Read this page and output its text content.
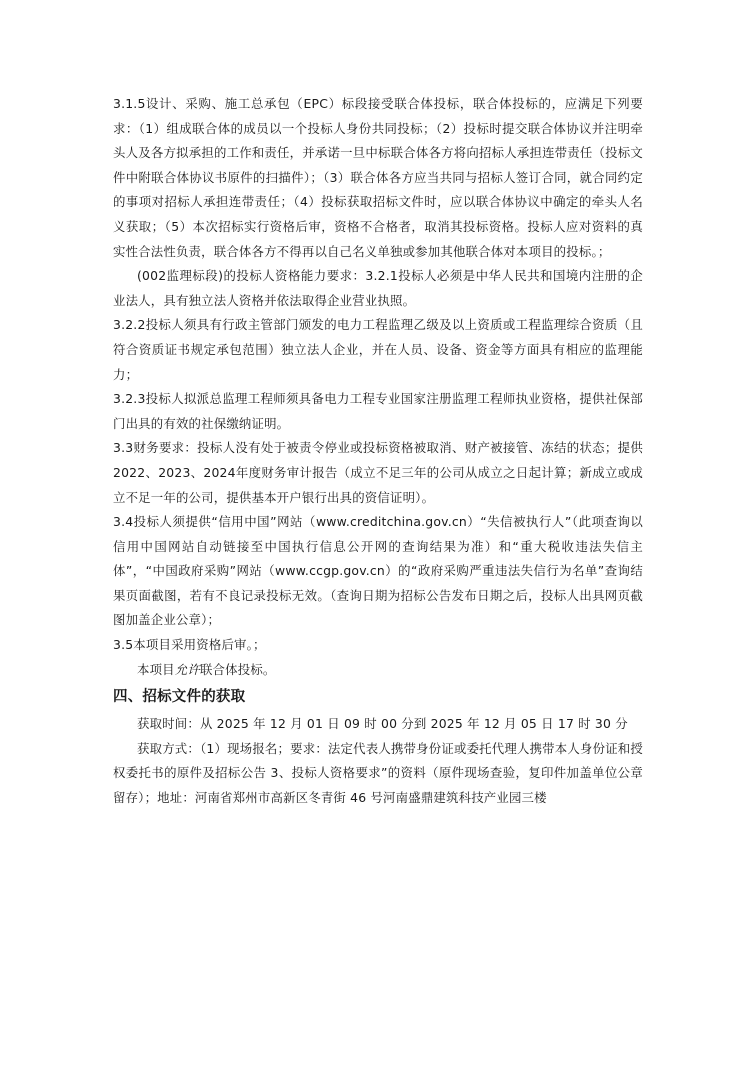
3.1.5设计、采购、施工总承包（EPC）标段接受联合体投标，联合体投标的，应满足下列要求：（1）组成联合体的成员以一个投标人身份共同投标；（2）投标时提交联合体协议并注明牵头人及各方拟承担的工作和责任，并承诺一旦中标联合体各方将向招标人承担连带责任（投标文件中附联合体协议书原件的扫描件）；（3）联合体各方应当共同与招标人签订合同，就合同约定的事项对招标人承担连带责任；（4）投标获取招标文件时，应以联合体协议中确定的牵头人名义获取；（5）本次招标实行资格后审，资格不合格者，取消其投标资格。投标人应对资料的真实性合法性负责，联合体各方不得再以自己名义单独或参加其他联合体对本项目的投标。；

(002监理标段)的投标人资格能力要求：3.2.1投标人必须是中华人民共和国境内注册的企业法人，具有独立法人资格并依法取得企业营业执照。

3.2.2投标人须具有行政主管部门颁发的电力工程监理乙级及以上资质或工程监理综合资质（且符合资质证书规定承包范围）独立法人企业，并在人员、设备、资金等方面具有相应的监理能力；

3.2.3投标人拟派总监理工程师须具备电力工程专业国家注册监理工程师执业资格，提供社保部门出具的有效的社保缴纳证明。

3.3财务要求：投标人没有处于被责令停业或投标资格被取消、财产被接管、冻结的状态；提供2022、2023、2024年度财务审计报告（成立不足三年的公司从成立之日起计算；新成立或成立不足一年的公司，提供基本开户银行出具的资信证明）。

3.4投标人须提供“信用中国”网站（www.creditchina.gov.cn）“失信被执行人”（此项查询以信用中国网站自动链接至中国执行信息公开网的查询结果为准）和“重大税收违法失信主体”，“中国政府采购”网站（www.ccgp.gov.cn）的“政府采购严重违法失信行为名单”查询结果页面截图，若有不良记录投标无效。（查询日期为招标公告发布日期之后，投标人出具网页截图加盖企业公章）；

3.5本项目采用资格后审。；

本项目允许联合体投标。

四、招标文件的获取

获取时间：从 2025 年 12 月 01 日 09 时 00 分到 2025 年 12 月 05 日 17 时 30 分

获取方式：（1）现场报名；要求：法定代表人携带身份证或委托代理人携带本人身份证和授权委托书的原件及招标公告 3、投标人资格要求”的资料（原件现场查验，复印件加盖单位公章留存）；地址：河南省郑州市高新区冬青街 46 号河南盛鼎建筑科技产业园三楼
